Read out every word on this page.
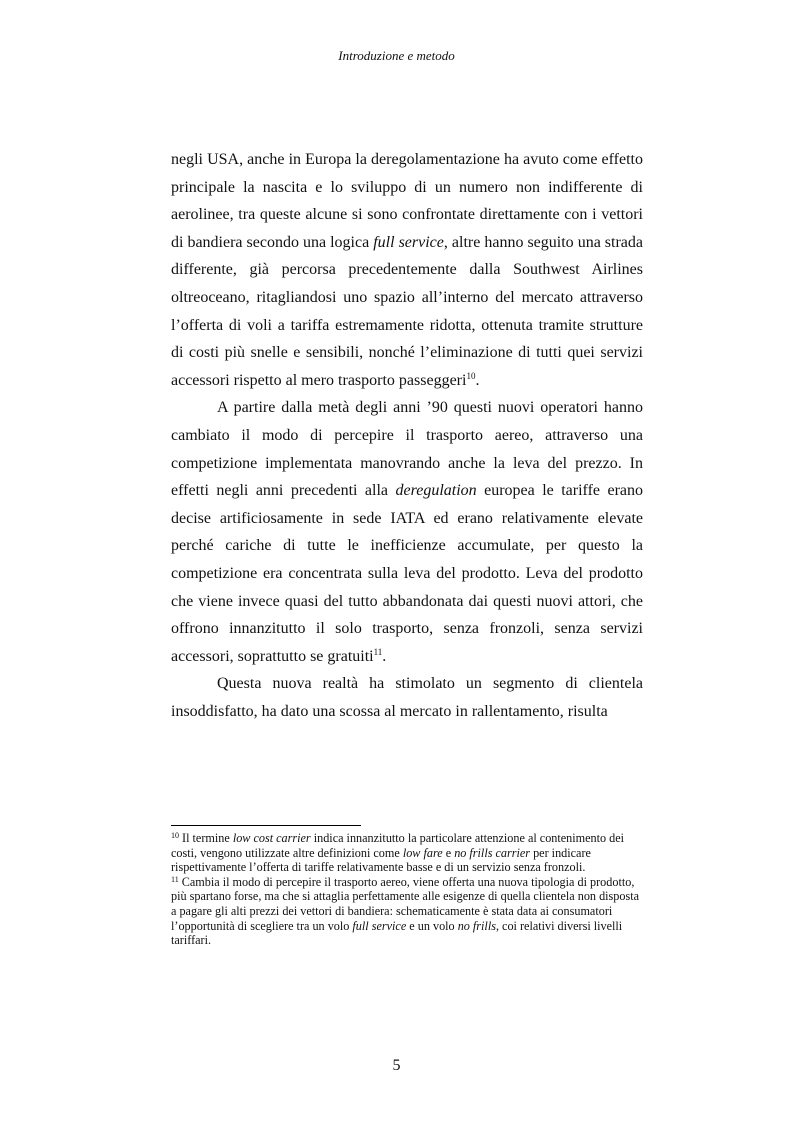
Introduzione e metodo

negli USA, anche in Europa la deregolamentazione ha avuto come effetto principale la nascita e lo sviluppo di un numero non indifferente di aerolinee, tra queste alcune si sono confrontate direttamente con i vettori di bandiera secondo una logica full service, altre hanno seguito una strada differente, già percorsa precedentemente dalla Southwest Airlines oltreoceano, ritagliandosi uno spazio all’interno del mercato attraverso l’offerta di voli a tariffa estremamente ridotta, ottenuta tramite strutture di costi più snelle e sensibili, nonché l’eliminazione di tutti quei servizi accessori rispetto al mero trasporto passeggeri$^{10}$.

A partire dalla metà degli anni ’90 questi nuovi operatori hanno cambiato il modo di percepire il trasporto aereo, attraverso una competizione implementata manovrando anche la leva del prezzo. In effetti negli anni precedenti alla deregulation europea le tariffe erano decise artificiosamente in sede IATA ed erano relativamente elevate perché cariche di tutte le inefficienze accumulate, per questo la competizione era concentrata sulla leva del prodotto. Leva del prodotto che viene invece quasi del tutto abbandonata dai questi nuovi attori, che offrono innanzitutto il solo trasporto, senza fronzoli, senza servizi accessori, soprattutto se gratuiti$^{11}$.

Questa nuova realtà ha stimolato un segmento di clientela insoddisfatto, ha dato una scossa al mercato in rallentamento, risulta

$^{10}$ Il termine low cost carrier indica innanzitutto la particolare attenzione al contenimento dei costi, vengono utilizzate altre definizioni come low fare e no frills carrier per indicare rispettivamente l’offerta di tariffe relativamente basse e di un servizio senza fronzoli.

$^{11}$ Cambia il modo di percepire il trasporto aereo, viene offerta una nuova tipologia di prodotto, più spartano forse, ma che si attaglia perfettamente alle esigenze di quella clientela non disposta a pagare gli alti prezzi dei vettori di bandiera: schematicamente è stata data ai consumatori l’opportunità di scegliere tra un volo full service e un volo no frills, coi relativi diversi livelli tariffari.

5
